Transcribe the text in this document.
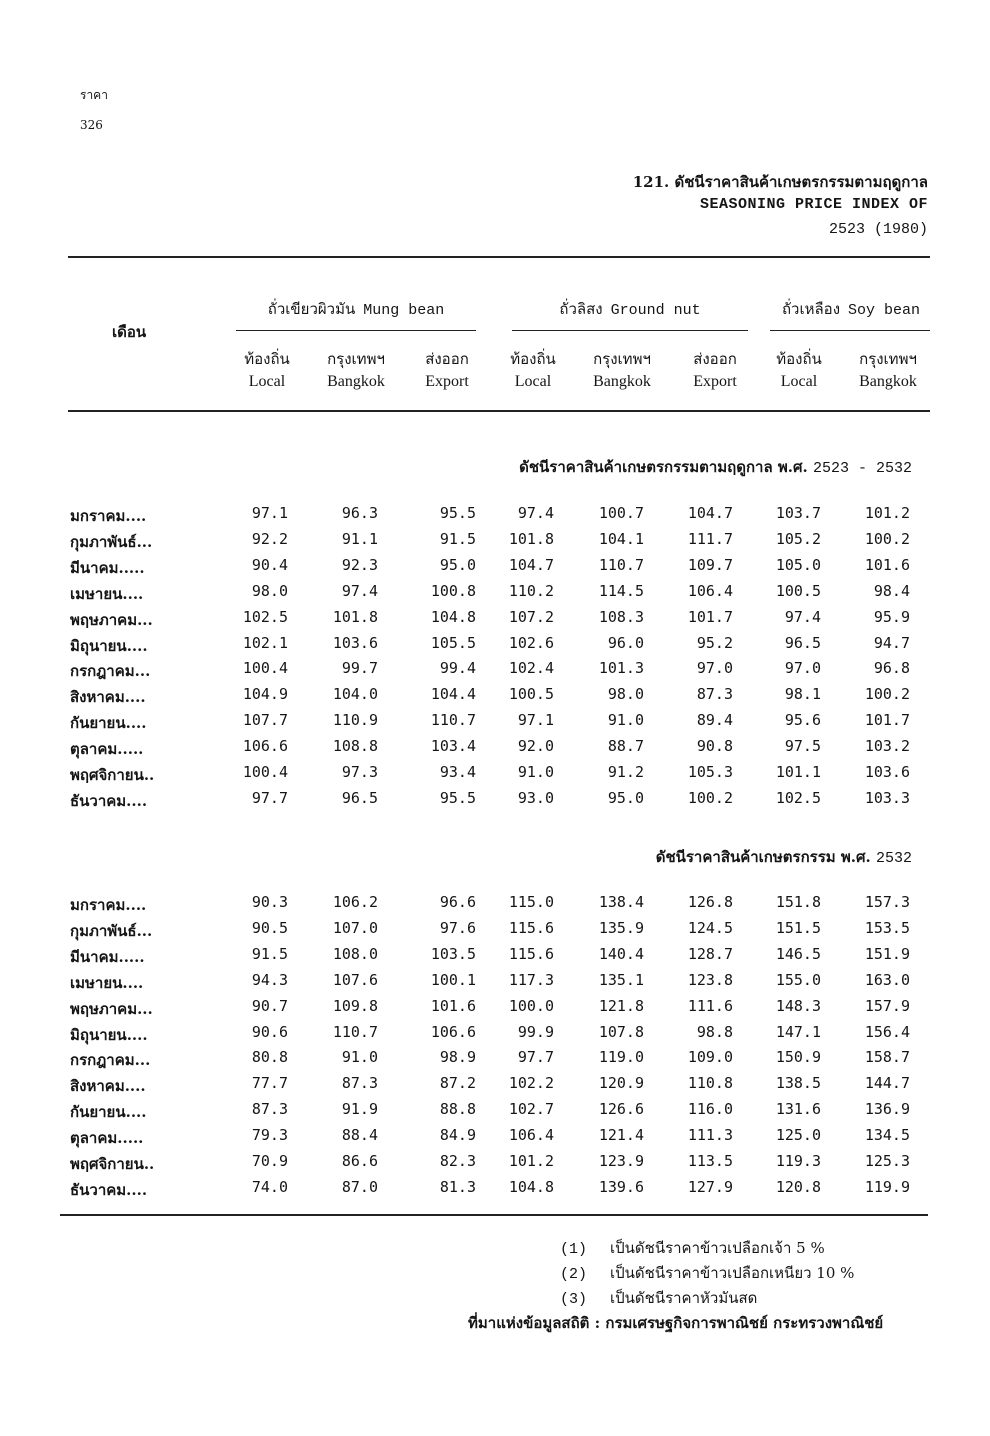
ราคา
326
121. ดัชนีราคาสินค้าเกษตรกรรมตามฤดูกาล
SEASONING PRICE INDEX OF
2523 (1980)
เดือน
ถั่วเขียวผิวมัน Mung bean	ถั่วลิสง Ground nut	ถั่วเหลือง Soy bean
ท้องถิ่น
Local
กรุงเทพฯ
Bangkok
ส่งออก
Export
ท้องถิ่น
Local
กรุงเทพฯ
Bangkok
ส่งออก
Export
ท้องถิ่น
Local
กรุงเทพฯ
Bangkok
ดัชนีราคาสินค้าเกษตรกรรมตามฤดูกาล พ.ศ. 2523 - 2532
มกราคม....	97.1	96.3	95.5	97.4	100.7	104.7	103.7	101.2
กุมภาพันธ์...	92.2	91.1	91.5	101.8	104.1	111.7	105.2	100.2
มีนาคม.....	90.4	92.3	95.0	104.7	110.7	109.7	105.0	101.6
เมษายน....	98.0	97.4	100.8	110.2	114.5	106.4	100.5	98.4
พฤษภาคม...	102.5	101.8	104.8	107.2	108.3	101.7	97.4	95.9
มิถุนายน....	102.1	103.6	105.5	102.6	96.0	95.2	96.5	94.7
กรกฎาคม...	100.4	99.7	99.4	102.4	101.3	97.0	97.0	96.8
สิงหาคม....	104.9	104.0	104.4	100.5	98.0	87.3	98.1	100.2
กันยายน....	107.7	110.9	110.7	97.1	91.0	89.4	95.6	101.7
ตุลาคม.....	106.6	108.8	103.4	92.0	88.7	90.8	97.5	103.2
พฤศจิกายน..	100.4	97.3	93.4	91.0	91.2	105.3	101.1	103.6
ธันวาคม....	97.7	96.5	95.5	93.0	95.0	100.2	102.5	103.3
ดัชนีราคาสินค้าเกษตรกรรม พ.ศ. 2532
มกราคม....	90.3	106.2	96.6	115.0	138.4	126.8	151.8	157.3
กุมภาพันธ์...	90.5	107.0	97.6	115.6	135.9	124.5	151.5	153.5
มีนาคม.....	91.5	108.0	103.5	115.6	140.4	128.7	146.5	151.9
เมษายน....	94.3	107.6	100.1	117.3	135.1	123.8	155.0	163.0
พฤษภาคม...	90.7	109.8	101.6	100.0	121.8	111.6	148.3	157.9
มิถุนายน....	90.6	110.7	106.6	99.9	107.8	98.8	147.1	156.4
กรกฎาคม...	80.8	91.0	98.9	97.7	119.0	109.0	150.9	158.7
สิงหาคม....	77.7	87.3	87.2	102.2	120.9	110.8	138.5	144.7
กันยายน....	87.3	91.9	88.8	102.7	126.6	116.0	131.6	136.9
ตุลาคม.....	79.3	88.4	84.9	106.4	121.4	111.3	125.0	134.5
พฤศจิกายน..	70.9	86.6	82.3	101.2	123.9	113.5	119.3	125.3
ธันวาคม....	74.0	87.0	81.3	104.8	139.6	127.9	120.8	119.9
(1) เป็นดัชนีราคาข้าวเปลือกเจ้า 5 %
(2) เป็นดัชนีราคาข้าวเปลือกเหนียว 10 %
(3) เป็นดัชนีราคาหัวมันสด
ที่มาแห่งข้อมูลสถิติ : กรมเศรษฐกิจการพาณิชย์ กระทรวงพาณิชย์
